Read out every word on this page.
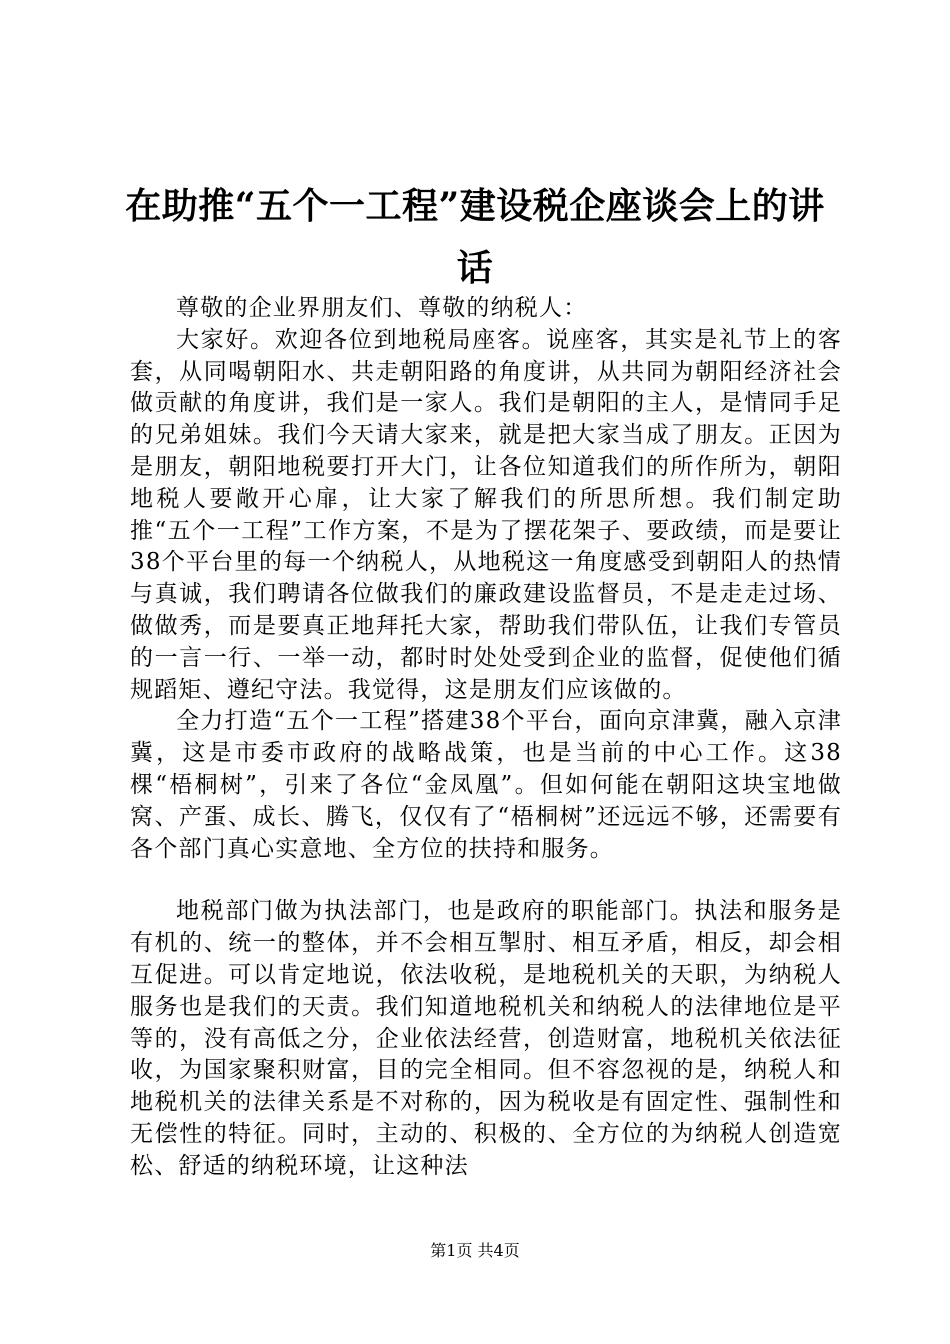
在助推“五个一工程”建设税企座谈会上的讲话

尊敬的企业界朋友们、尊敬的纳税人：

大家好。欢迎各位到地税局座客。说座客，其实是礼节上的客套，从同喝朝阳水、共走朝阳路的角度讲，从共同为朝阳经济社会做贡献的角度讲，我们是一家人。我们是朝阳的主人，是情同手足的兄弟姐妹。我们今天请大家来，就是把大家当成了朋友。正因为是朋友，朝阳地税要打开大门，让各位知道我们的所作所为，朝阳地税人要敞开心扉，让大家了解我们的所思所想。我们制定助推“五个一工程”工作方案，不是为了摆花架子、要政绩，而是要让38个平台里的每一个纳税人，从地税这一角度感受到朝阳人的热情与真诚，我们聘请各位做我们的廉政建设监督员，不是走走过场、做做秀，而是要真正地拜托大家，帮助我们带队伍，让我们专管员的一言一行、一举一动，都时时处处受到企业的监督，促使他们循规蹈矩、遵纪守法。我觉得，这是朋友们应该做的。

全力打造“五个一工程”搭建38个平台，面向京津冀，融入京津冀，这是市委市政府的战略战策，也是当前的中心工作。这38棵“梧桐树”，引来了各位“金凤凰”。但如何能在朝阳这块宝地做窝、产蛋、成长、腾飞，仅仅有了“梧桐树”还远远不够，还需要有各个部门真心实意地、全方位的扶持和服务。

地税部门做为执法部门，也是政府的职能部门。执法和服务是有机的、统一的整体，并不会相互掣肘、相互矛盾，相反，却会相互促进。可以肯定地说，依法收税，是地税机关的天职，为纳税人服务也是我们的天责。我们知道地税机关和纳税人的法律地位是平等的，没有高低之分，企业依法经营，创造财富，地税机关依法征收，为国家聚积财富，目的完全相同。但不容忽视的是，纳税人和地税机关的法律关系是不对称的，因为税收是有固定性、强制性和无偿性的特征。同时，主动的、积极的、全方位的为纳税人创造宽松、舒适的纳税环境，让这种法

第1页 共4页
